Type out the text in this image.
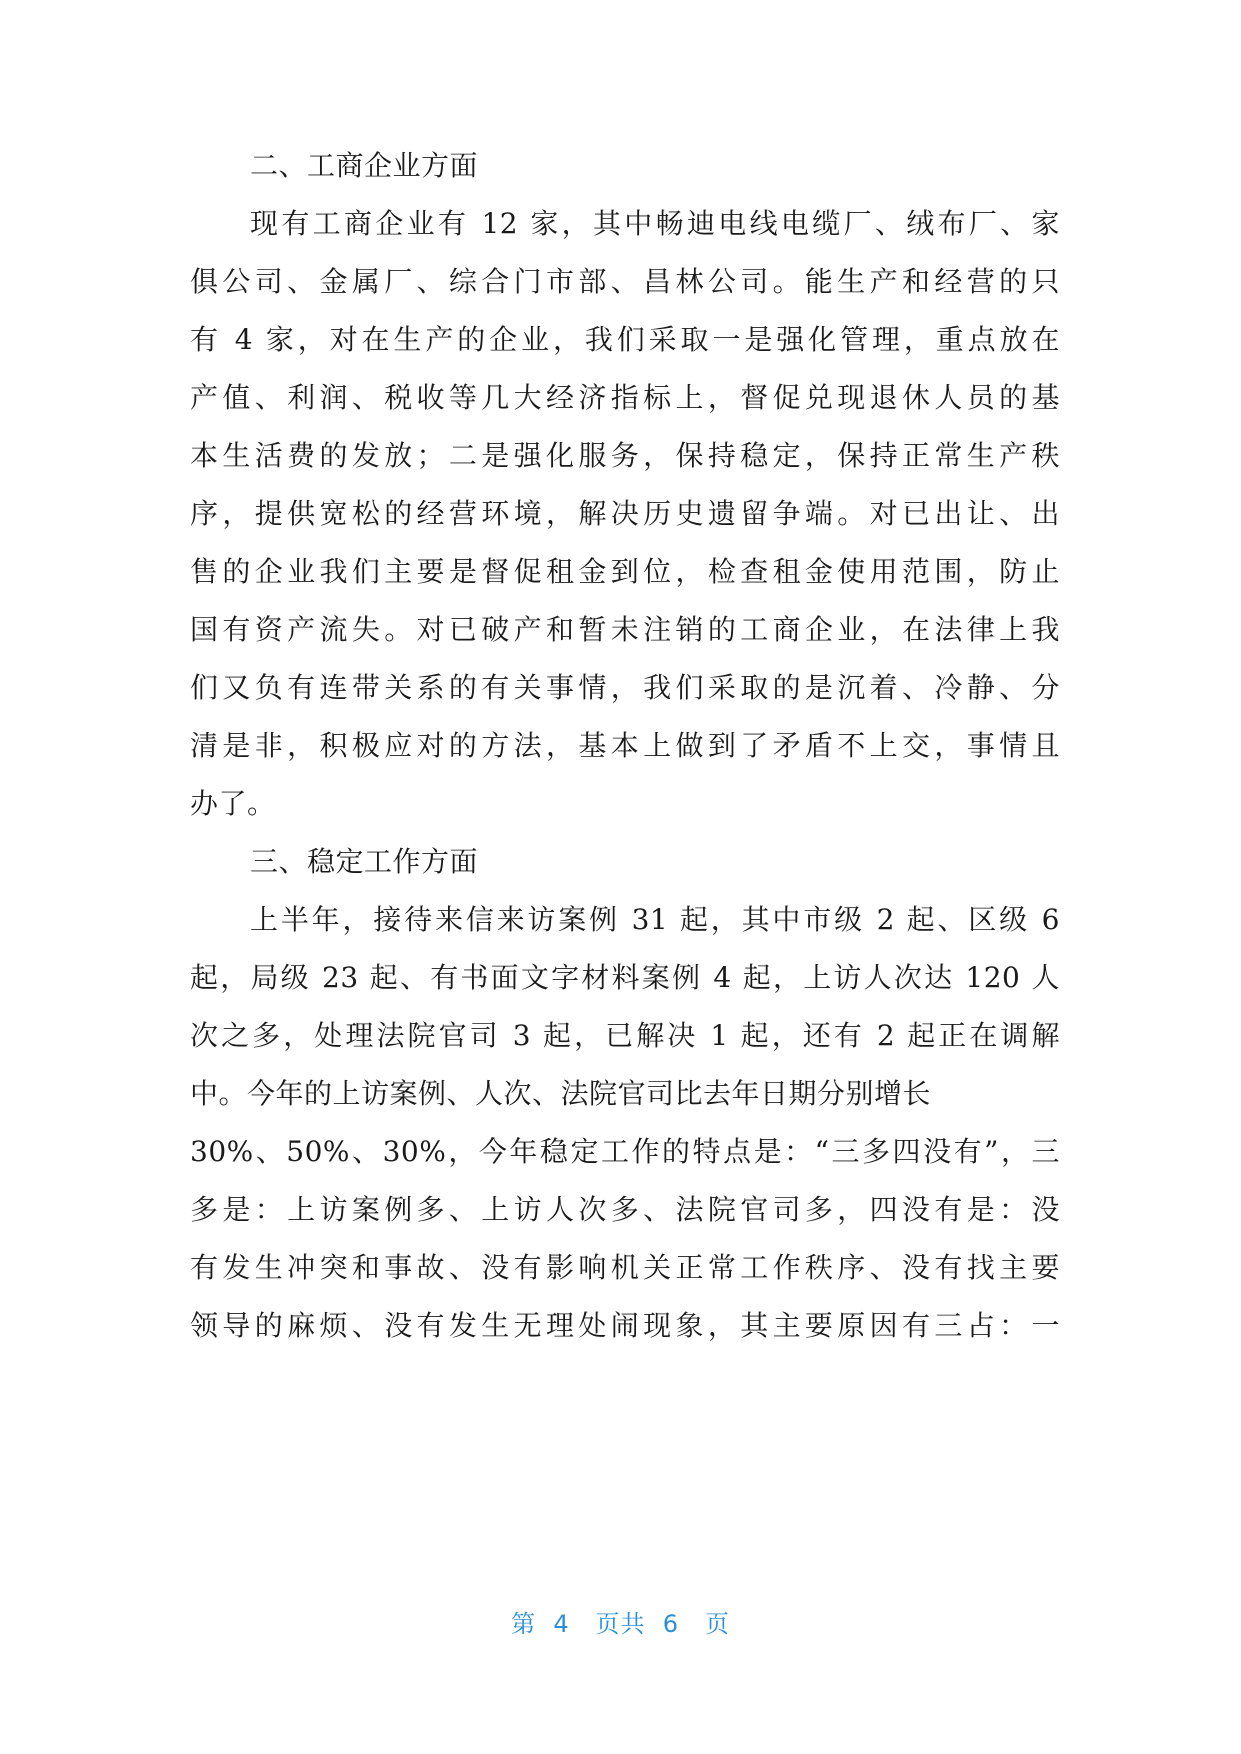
二、工商企业方面
现有工商企业有 12 家，其中畅迪电线电缆厂、绒布厂、家
俱公司、金属厂、综合门市部、昌林公司。能生产和经营的只
有 4 家，对在生产的企业，我们采取一是强化管理，重点放在
产值、利润、税收等几大经济指标上，督促兑现退休人员的基
本生活费的发放；二是强化服务，保持稳定，保持正常生产秩
序，提供宽松的经营环境，解决历史遗留争端。对已出让、出
售的企业我们主要是督促租金到位，检查租金使用范围，防止
国有资产流失。对已破产和暂未注销的工商企业，在法律上我
们又负有连带关系的有关事情，我们采取的是沉着、冷静、分
清是非，积极应对的方法，基本上做到了矛盾不上交，事情且
办了。
三、稳定工作方面
上半年，接待来信来访案例 31 起，其中市级 2 起、区级 6
起，局级 23 起、有书面文字材料案例 4 起，上访人次达 120 人
次之多，处理法院官司 3 起，已解决 1 起，还有 2 起正在调解
中。今年的上访案例、人次、法院官司比去年日期分别增长
30%、50%、30%，今年稳定工作的特点是：“三多四没有”，三
多是：上访案例多、上访人次多、法院官司多，四没有是：没
有发生冲突和事故、没有影响机关正常工作秩序、没有找主要
领导的麻烦、没有发生无理处闹现象，其主要原因有三占：一
第 4 页共 6 页
